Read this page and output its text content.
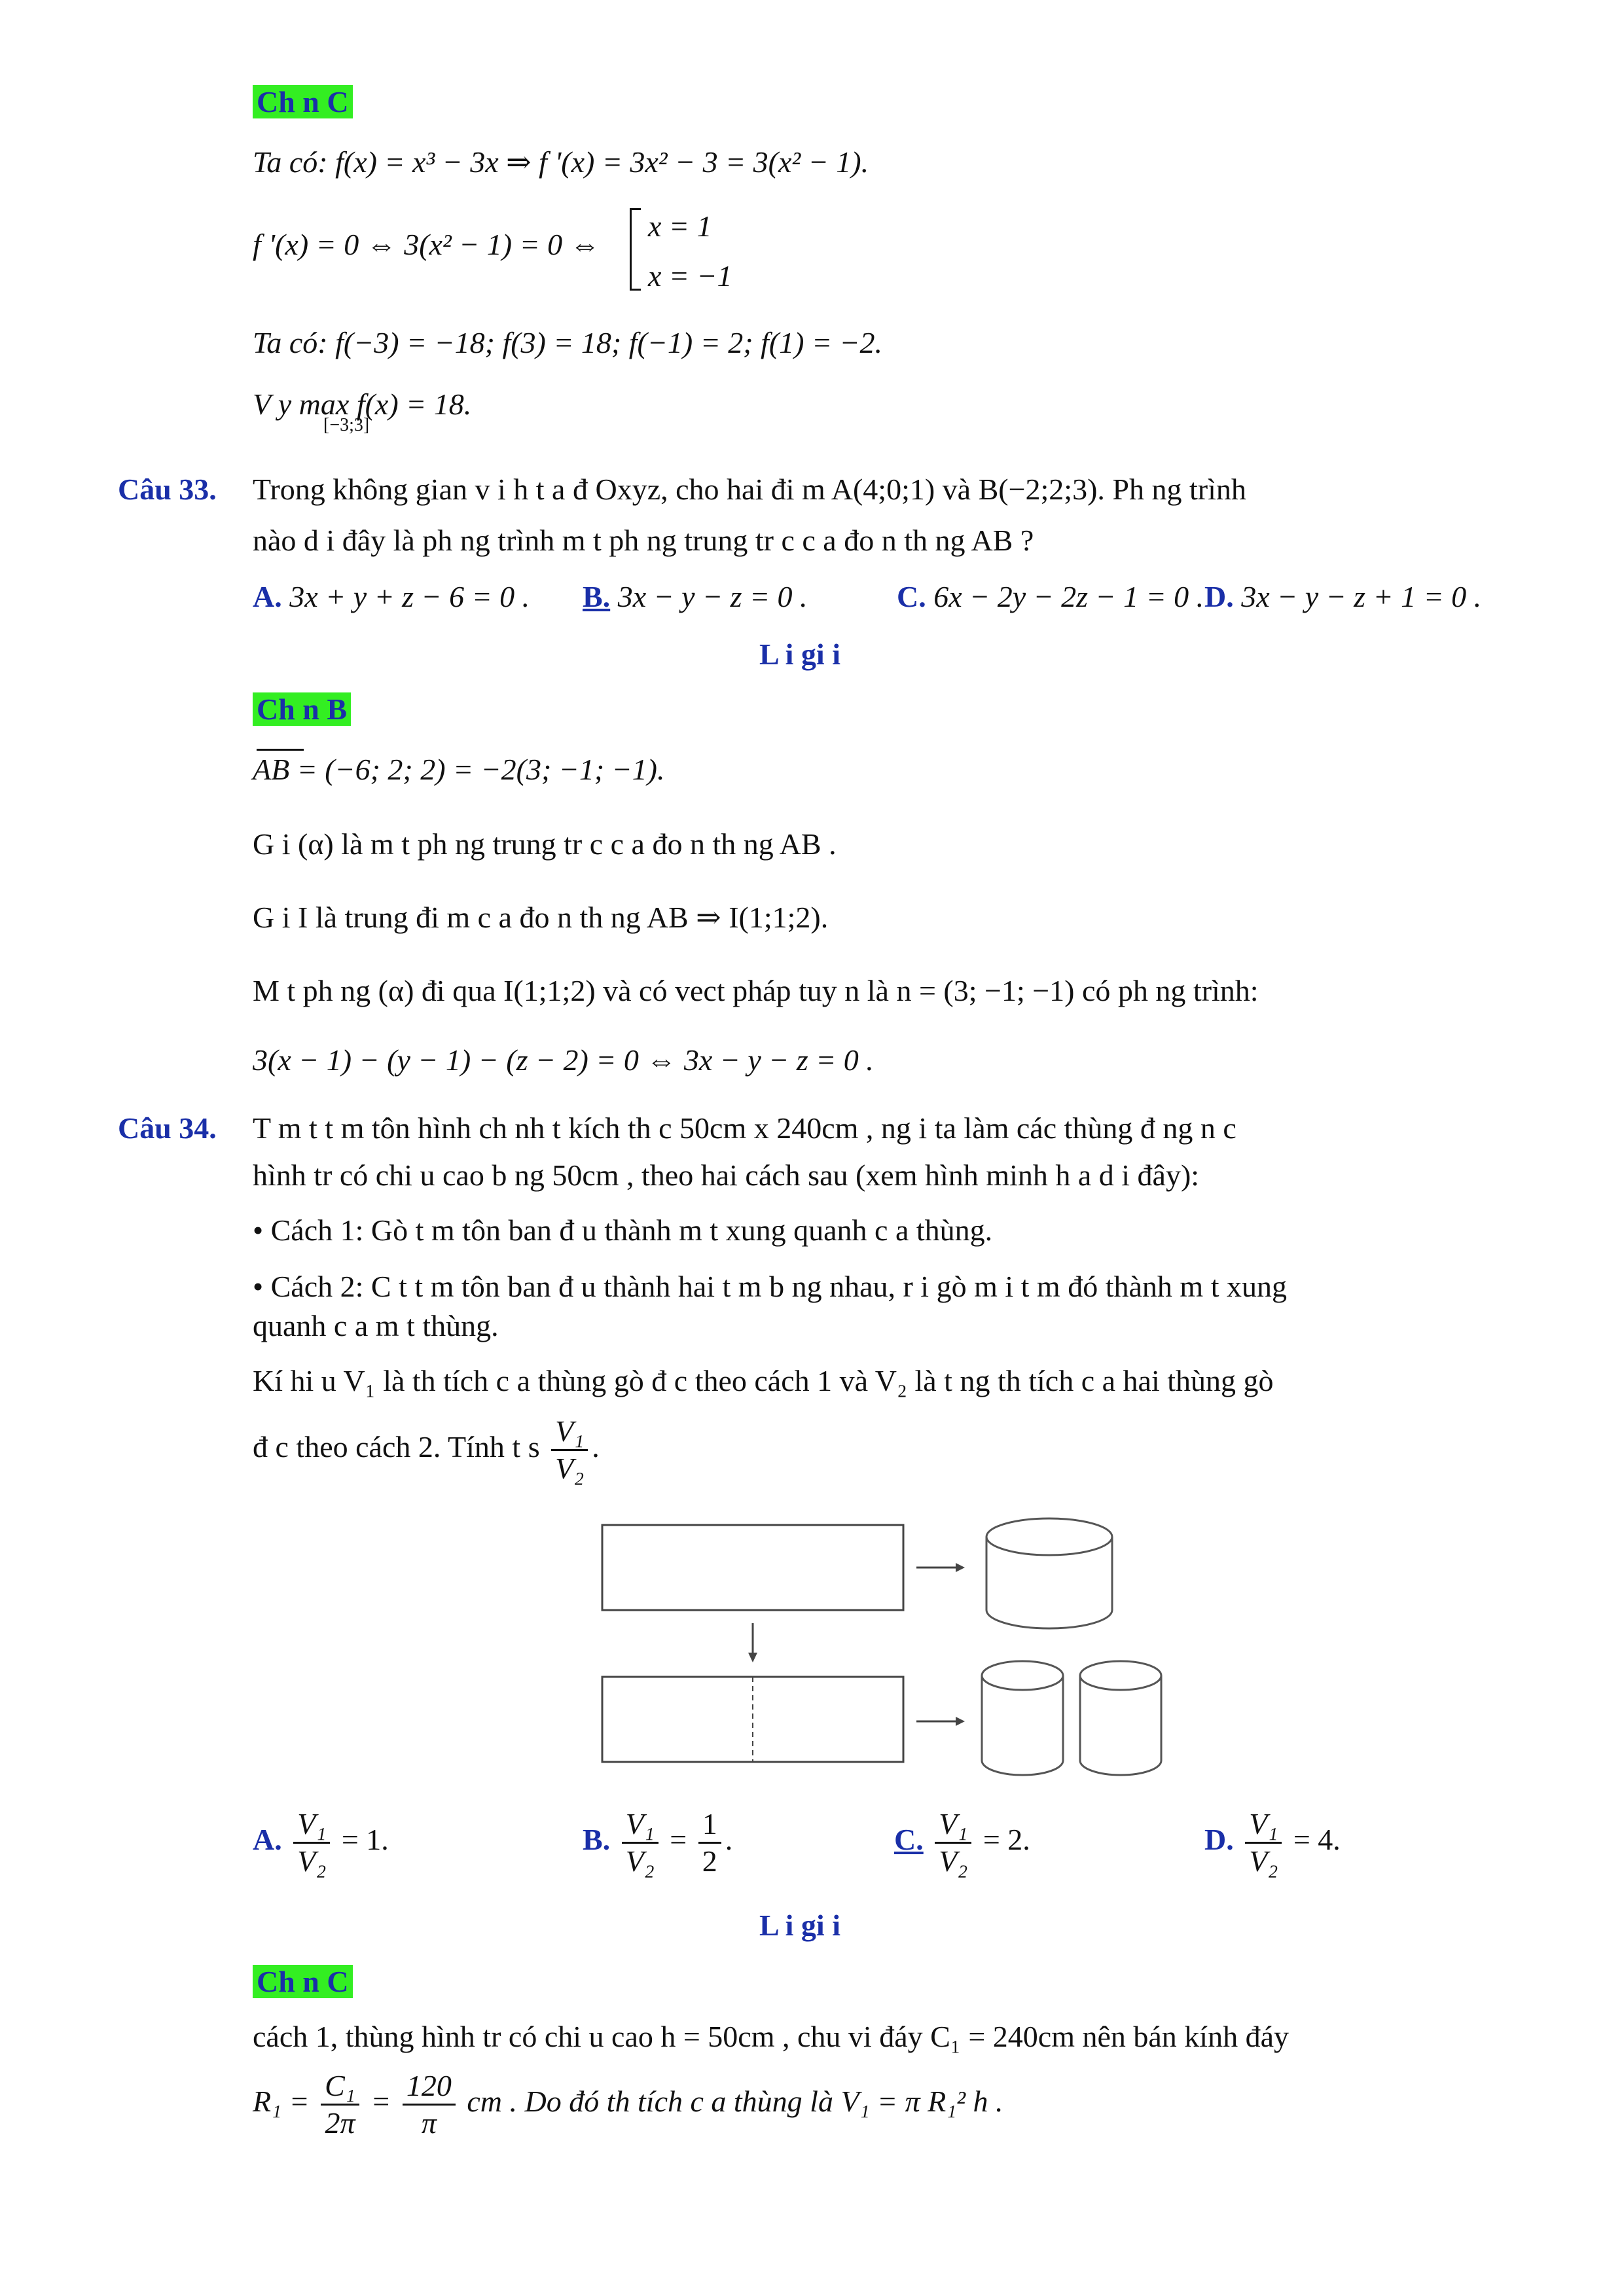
Ch n C
Ta có: f(x) = x³ − 3x ⇒ f '(x) = 3x² − 3 = 3(x² − 1).
f '(x) = 0 ⇔ 3(x² − 1) = 0 ⇔
x = 1
x = −1
Ta có: f(−3) = −18; f(3) = 18; f(−1) = 2; f(1) = −2.
V y max f(x) = 18.
[−3;3]
Câu 33. Trong không gian v i h t a đ Oxyz, cho hai đi m A(4;0;1) và B(−2;2;3). Ph ng trình
nào d i đây là ph ng trình m t ph ng trung tr c c a đo n th ng AB ?
A. 3x + y + z − 6 = 0 . B. 3x − y − z = 0 .	C. 6x − 2y − 2z − 1 = 0 . D. 3x − y − z + 1 = 0 .
L i gi i
Ch n B
AB = (−6; 2; 2) = −2(3; −1; −1).
G i (α) là m t ph ng trung tr c c a đo n th ng AB .
G i I là trung đi m c a đo n th ng AB ⇒ I(1;1;2).
M t ph ng (α) đi qua I(1;1;2) và có vect pháp tuy n là n = (3; −1; −1) có ph ng trình:
3(x − 1) − (y − 1) − (z − 2) = 0 ⇔ 3x − y − z = 0 .
Câu 34. T m t t m tôn hình ch nh t kích th c 50cm x 240cm , ng i ta làm các thùng đ ng n c
hình tr có chi u cao b ng 50cm , theo hai cách sau (xem hình minh h a d i đây):
• Cách 1: Gò t m tôn ban đ u thành m t xung quanh c a thùng.
• Cách 2: C t t m tôn ban đ u thành hai t m b ng nhau, r i gò m i t m đó thành m t xung
quanh c a m t thùng.
Kí hi u V₁ là th tích c a thùng gò đ c theo cách 1 và V₂ là t ng th tích c a hai thùng gò
đ c theo cách 2. Tính t s $\frac{\text{V₁}}{\text{V₂}}$ .
A. $\frac{\text{V₁}}{\text{V₂}} = 1$.	B. $\frac{\text{V₁}}{\text{V₂}} = \frac{1}{2}$ .	C. $\frac{\text{V₁}}{\text{V₂}} = 2$.	D. $\frac{\text{V₁}}{\text{V₂}} = 4$.
L i gi i
Ch n C
cách 1, thùng hình tr có chi u cao h = 50cm , chu vi đáy C₁ = 240cm nên bán kính đáy
$R_1 = \frac{\text{C₁}}{2\pi} = \frac{120}{\pi}$ cm . Do đó th tích c a thùng là V₁ = π R₁² h .
